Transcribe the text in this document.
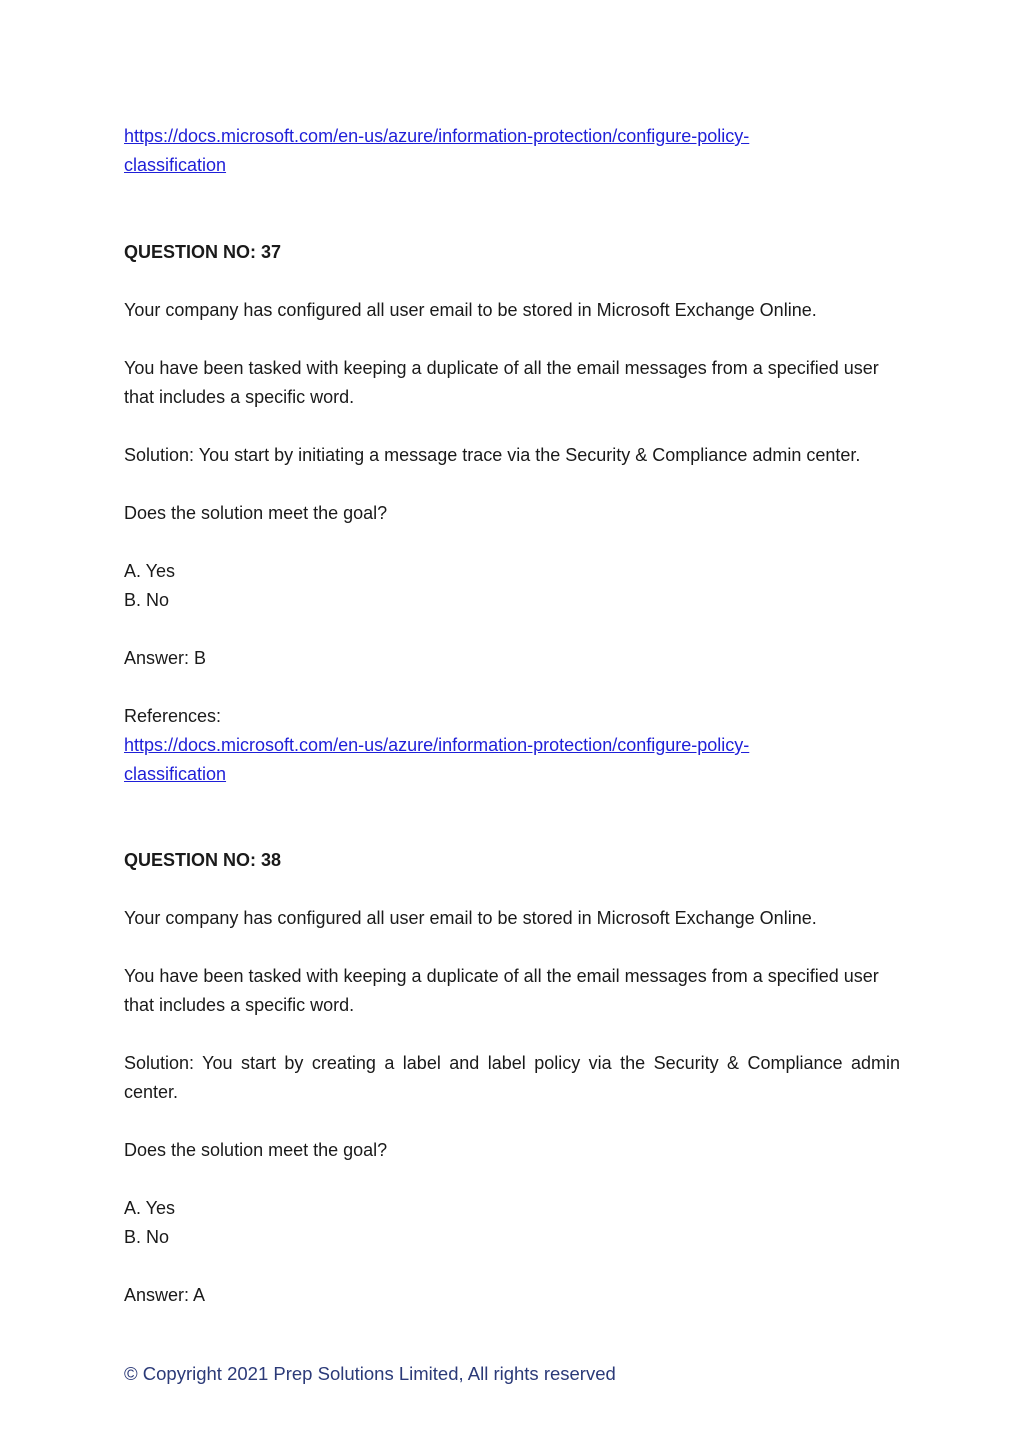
https://docs.microsoft.com/en-us/azure/information-protection/configure-policy-
classification
QUESTION NO: 37
Your company has configured all user email to be stored in Microsoft Exchange Online.
You have been tasked with keeping a duplicate of all the email messages from a specified user
that includes a specific word.
Solution: You start by initiating a message trace via the Security & Compliance admin center.
Does the solution meet the goal?
A. Yes
B. No
Answer: B
References:
https://docs.microsoft.com/en-us/azure/information-protection/configure-policy-
classification
QUESTION NO: 38
Your company has configured all user email to be stored in Microsoft Exchange Online.
You have been tasked with keeping a duplicate of all the email messages from a specified user
that includes a specific word.
Solution: You start by creating a label and label policy via the Security & Compliance admin
center.
Does the solution meet the goal?
A. Yes
B. No
Answer: A
© Copyright 2021 Prep Solutions Limited, All rights reserved
